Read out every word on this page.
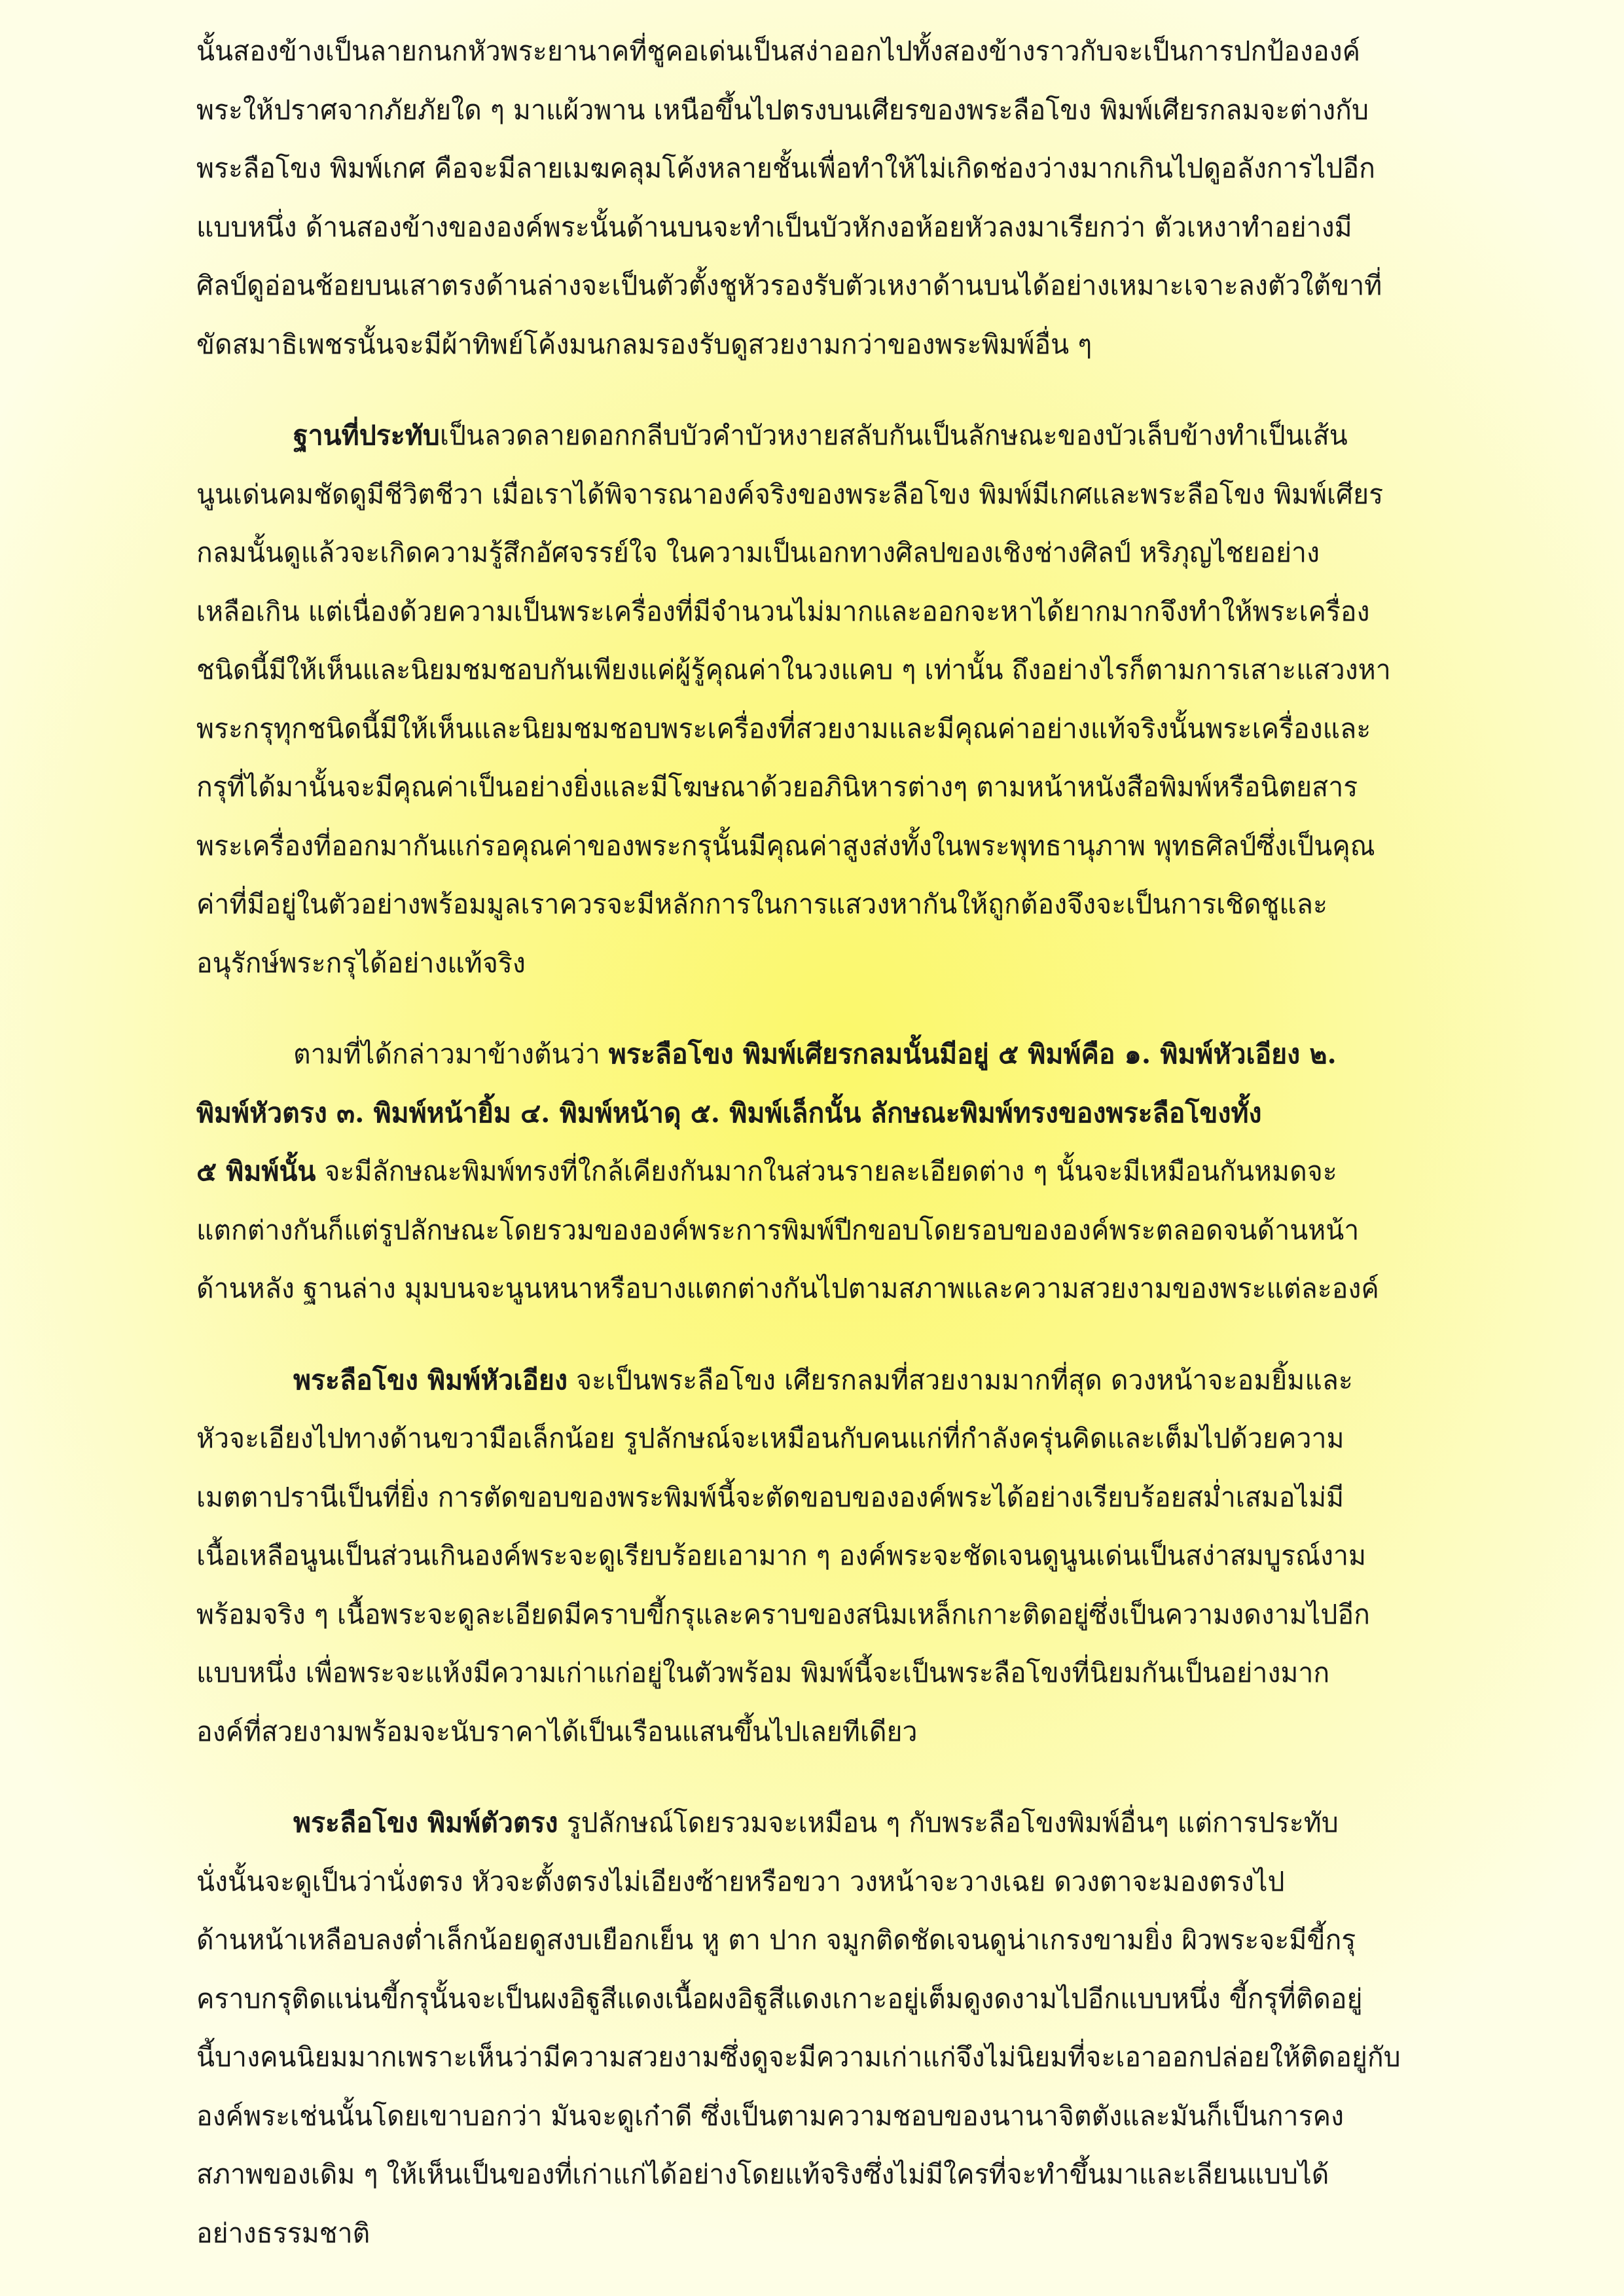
นั้นสองข้างเป็นลายกนกหัวพระยานาคที่ชูคอเด่นเป็นสง่าออกไปทั้งสองข้างราวกับจะเป็นการปกป้ององค์
พระให้ปราศจากภัยภัยใด ๆ มาแผ้วพาน เหนือขึ้นไปตรงบนเศียรของพระลือโขง พิมพ์เศียรกลมจะต่างกับ
พระลือโขง พิมพ์เกศ คือจะมีลายเมฆคลุมโค้งหลายชั้นเพื่อทำให้ไม่เกิดช่องว่างมากเกินไปดูอลังการไปอีก
แบบหนึ่ง ด้านสองข้างขององค์พระนั้นด้านบนจะทำเป็นบัวหักงอห้อยหัวลงมาเรียกว่า ตัวเหงาทำอย่างมี
ศิลป์ดูอ่อนช้อยบนเสาตรงด้านล่างจะเป็นตัวตั้งชูหัวรองรับตัวเหงาด้านบนได้อย่างเหมาะเจาะลงตัวใต้ขาที่
ขัดสมาธิเพชรนั้นจะมีผ้าทิพย์โค้งมนกลมรองรับดูสวยงามกว่าของพระพิมพ์อื่น ๆ
ฐานที่ประทับเป็นลวดลายดอกกลีบบัวคำบัวหงายสลับกันเป็นลักษณะของบัวเล็บข้างทำเป็นเส้น
นูนเด่นคมชัดดูมีชีวิตชีวา เมื่อเราได้พิจารณาองค์จริงของพระลือโขง พิมพ์มีเกศและพระลือโขง พิมพ์เศียร
กลมนั้นดูแล้วจะเกิดความรู้สึกอัศจรรย์ใจ ในความเป็นเอกทางศิลปของเชิงช่างศิลป์ หริภุญไชยอย่าง
เหลือเกิน แต่เนื่องด้วยความเป็นพระเครื่องที่มีจำนวนไม่มากและออกจะหาได้ยากมากจึงทำให้พระเครื่อง
ชนิดนี้มีให้เห็นและนิยมชมชอบกันเพียงแค่ผู้รู้คุณค่าในวงแคบ ๆ เท่านั้น ถึงอย่างไรก็ตามการเสาะแสวงหา
พระกรุทุกชนิดนี้มีให้เห็นและนิยมชมชอบพระเครื่องที่สวยงามและมีคุณค่าอย่างแท้จริงนั้นพระเครื่องและ
กรุที่ได้มานั้นจะมีคุณค่าเป็นอย่างยิ่งและมีโฆษณาด้วยอภินิหารต่างๆ ตามหน้าหนังสือพิมพ์หรือนิตยสาร
พระเครื่องที่ออกมากันแก่รอคุณค่าของพระกรุนั้นมีคุณค่าสูงส่งทั้งในพระพุทธานุภาพ พุทธศิลป์ซึ่งเป็นคุณ
ค่าที่มีอยู่ในตัวอย่างพร้อมมูลเราควรจะมีหลักการในการแสวงหากันให้ถูกต้องจึงจะเป็นการเชิดชูและ
อนุรักษ์พระกรุได้อย่างแท้จริง
ตามที่ได้กล่าวมาข้างต้นว่า พระลือโขง พิมพ์เศียรกลมนั้นมีอยู่ ๕ พิมพ์คือ ๑. พิมพ์หัวเอียง ๒.
พิมพ์หัวตรง ๓. พิมพ์หน้ายิ้ม ๔. พิมพ์หน้าดุ ๕. พิมพ์เล็กนั้น ลักษณะพิมพ์ทรงของพระลือโขงทั้ง
๕ พิมพ์นั้น จะมีลักษณะพิมพ์ทรงที่ใกล้เคียงกันมากในส่วนรายละเอียดต่าง ๆ นั้นจะมีเหมือนกันหมดจะ
แตกต่างกันก็แต่รูปลักษณะโดยรวมขององค์พระการพิมพ์ปีกขอบโดยรอบขององค์พระตลอดจนด้านหน้า
ด้านหลัง ฐานล่าง มุมบนจะนูนหนาหรือบางแตกต่างกันไปตามสภาพและความสวยงามของพระแต่ละองค์
พระลือโขง พิมพ์หัวเอียง จะเป็นพระลือโขง เศียรกลมที่สวยงามมากที่สุด ดวงหน้าจะอมยิ้มและ
หัวจะเอียงไปทางด้านขวามือเล็กน้อย รูปลักษณ์จะเหมือนกับคนแก่ที่กำลังครุ่นคิดและเต็มไปด้วยความ
เมตตาปรานีเป็นที่ยิ่ง การตัดขอบของพระพิมพ์นี้จะตัดขอบขององค์พระได้อย่างเรียบร้อยสม่ำเสมอไม่มี
เนื้อเหลือนูนเป็นส่วนเกินองค์พระจะดูเรียบร้อยเอามาก ๆ องค์พระจะชัดเจนดูนูนเด่นเป็นสง่าสมบูรณ์งาม
พร้อมจริง ๆ เนื้อพระจะดูละเอียดมีคราบขี้กรุและคราบของสนิมเหล็กเกาะติดอยู่ซึ่งเป็นความงดงามไปอีก
แบบหนึ่ง เพื่อพระจะแห้งมีความเก่าแก่อยู่ในตัวพร้อม พิมพ์นี้จะเป็นพระลือโขงที่นิยมกันเป็นอย่างมาก
องค์ที่สวยงามพร้อมจะนับราคาได้เป็นเรือนแสนขึ้นไปเลยทีเดียว
พระลือโขง พิมพ์ตัวตรง รูปลักษณ์โดยรวมจะเหมือน ๆ กับพระลือโขงพิมพ์อื่นๆ แต่การประทับ
นั่งนั้นจะดูเป็นว่านั่งตรง หัวจะตั้งตรงไม่เอียงซ้ายหรือขวา วงหน้าจะวางเฉย ดวงตาจะมองตรงไป
ด้านหน้าเหลือบลงต่ำเล็กน้อยดูสงบเยือกเย็น หู ตา ปาก จมูกติดชัดเจนดูน่าเกรงขามยิ่ง ผิวพระจะมีขี้กรุ
คราบกรุติดแน่นขี้กรุนั้นจะเป็นผงอิฐูสีแดงเนื้อผงอิฐูสีแดงเกาะอยู่เต็มดูงดงามไปอีกแบบหนึ่ง ขี้กรุที่ติดอยู่
นี้บางคนนิยมมากเพราะเห็นว่ามีความสวยงามซึ่งดูจะมีความเก่าแก่จึงไม่นิยมที่จะเอาออกปล่อยให้ติดอยู่กับ
องค์พระเช่นนั้นโดยเขาบอกว่า มันจะดูเก๋าดี ซึ่งเป็นตามความชอบของนานาจิตตังและมันก็เป็นการคง
สภาพของเดิม ๆ ให้เห็นเป็นของที่เก่าแก่ได้อย่างโดยแท้จริงซึ่งไม่มีใครที่จะทำขึ้นมาและเลียนแบบได้
อย่างธรรมชาติ
